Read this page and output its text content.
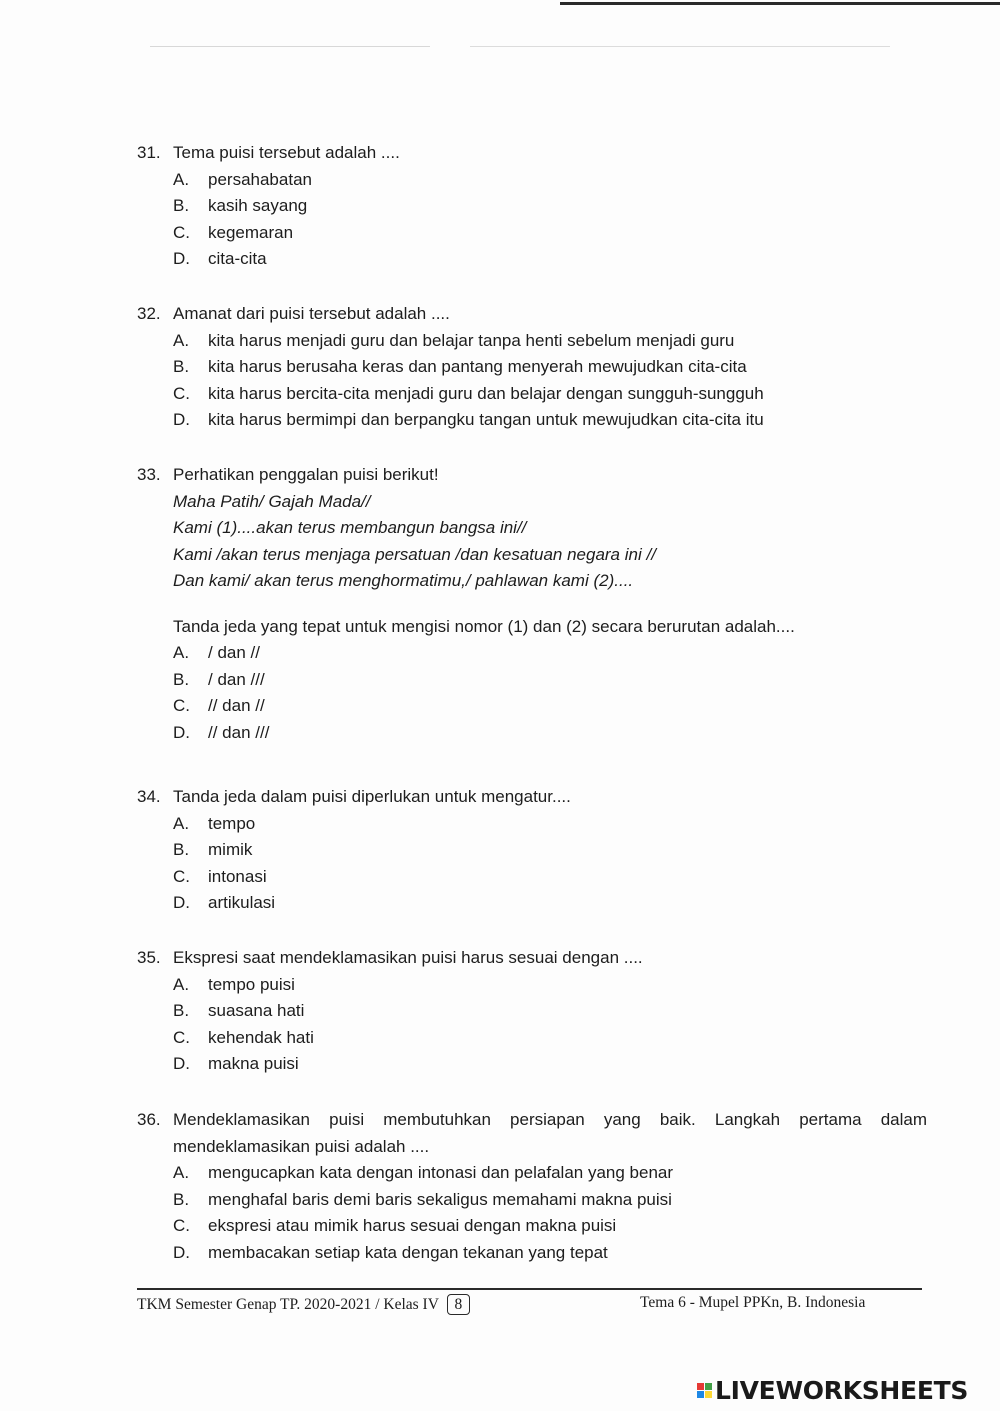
31. Tema puisi tersebut adalah ....
A.	persahabatan
B.	kasih sayang
C.	kegemaran
D.	cita-cita
32. Amanat dari puisi tersebut adalah ....
A.	kita harus menjadi guru dan belajar tanpa henti sebelum menjadi guru
B.	kita harus berusaha keras dan pantang menyerah mewujudkan cita-cita
C.	kita harus bercita-cita menjadi guru dan belajar dengan sungguh-sungguh
D.	kita harus bermimpi dan berpangku tangan untuk mewujudkan cita-cita itu
33. Perhatikan penggalan puisi berikut!
Maha Patih/ Gajah Mada//
Kami (1)....akan terus membangun bangsa ini//
Kami /akan terus menjaga persatuan /dan kesatuan negara ini //
Dan kami/ akan terus menghormatimu,/ pahlawan kami (2)....
Tanda jeda yang tepat untuk mengisi nomor (1) dan (2) secara berurutan adalah....
A.	/ dan //
B.	/ dan ///
C.	// dan //
D.	// dan ///
34. Tanda jeda dalam puisi diperlukan untuk mengatur....
A.	tempo
B.	mimik
C.	intonasi
D.	artikulasi
35. Ekspresi saat mendeklamasikan puisi harus sesuai dengan ....
A.	tempo puisi
B.	suasana hati
C.	kehendak hati
D.	makna puisi
36. Mendeklamasikan puisi membutuhkan persiapan yang baik. Langkah pertama dalam mendeklamasikan puisi adalah ....
A.	mengucapkan kata dengan intonasi dan pelafalan yang benar
B.	menghafal baris demi baris sekaligus memahami makna puisi
C.	ekspresi atau mimik harus sesuai dengan makna puisi
D.	membacakan setiap kata dengan tekanan yang tepat
TKM Semester Genap TP. 2020-2021 / Kelas IV 8	Tema 6 - Mupel PPKn, B. Indonesia
LIVEWORKSHEETS
